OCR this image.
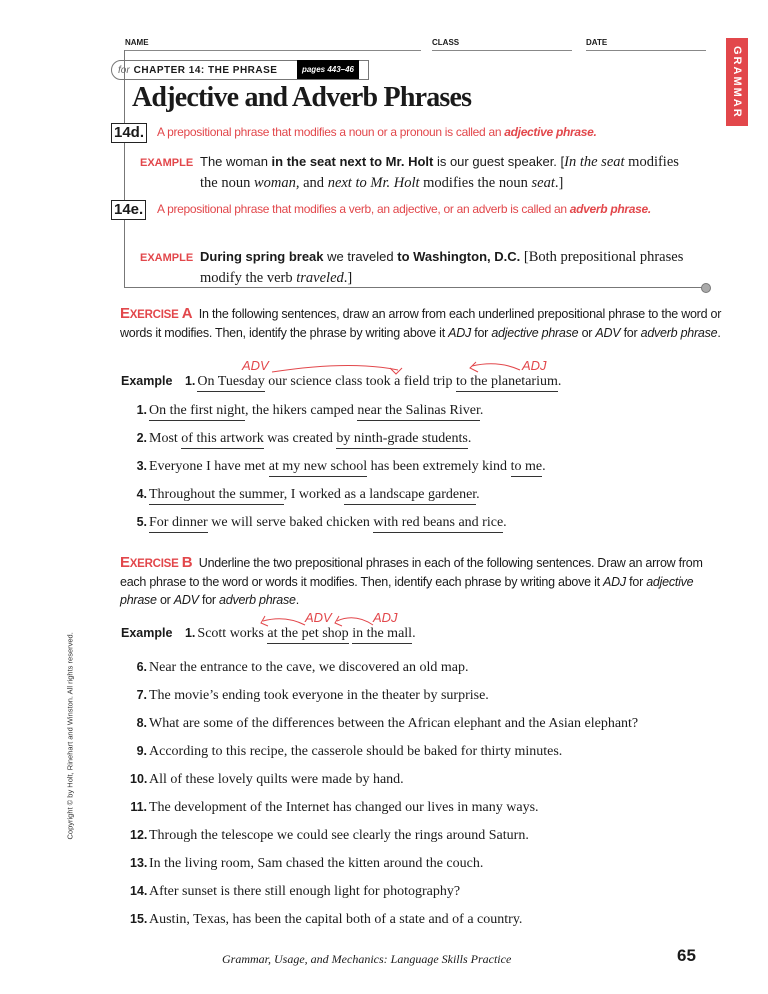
NAME	CLASS	DATE
GRAMMAR
for CHAPTER 14: THE PHRASE	pages 443–46
Adjective and Adverb Phrases
14d. A prepositional phrase that modifies a noun or a pronoun is called an adjective phrase.
EXAMPLE The woman in the seat next to Mr. Holt is our guest speaker. [In the seat modifies the noun woman, and next to Mr. Holt modifies the noun seat.]
14e. A prepositional phrase that modifies a verb, an adjective, or an adverb is called an adverb phrase.
EXAMPLE During spring break we traveled to Washington, D.C. [Both prepositional phrases modify the verb traveled.]
EXERCISE A In the following sentences, draw an arrow from each underlined prepositional phrase to the word or words it modifies. Then, identify the phrase by writing above it ADJ for adjective phrase or ADV for adverb phrase.
Example 1. On Tuesday our science class took a field trip to the planetarium.
1. On the first night, the hikers camped near the Salinas River.
2. Most of this artwork was created by ninth-grade students.
3. Everyone I have met at my new school has been extremely kind to me.
4. Throughout the summer, I worked as a landscape gardener.
5. For dinner we will serve baked chicken with red beans and rice.
ADV	ADJ
EXERCISE B Underline the two prepositional phrases in each of the following sentences. Draw an arrow from each phrase to the word or words it modifies. Then, identify each phrase by writing above it ADJ for adjective phrase or ADV for adverb phrase.
Example 1. Scott works at the pet shop in the mall.
6. Near the entrance to the cave, we discovered an old map.
7. The movie’s ending took everyone in the theater by surprise.
8. What are some of the differences between the African elephant and the Asian elephant?
9. According to this recipe, the casserole should be baked for thirty minutes.
10. All of these lovely quilts were made by hand.
11. The development of the Internet has changed our lives in many ways.
12. Through the telescope we could see clearly the rings around Saturn.
13. In the living room, Sam chased the kitten around the couch.
14. After sunset is there still enough light for photography?
15. Austin, Texas, has been the capital both of a state and of a country.
ADV	ADJ
Copyright © by Holt, Rinehart and Winston. All rights reserved.
Grammar, Usage, and Mechanics: Language Skills Practice	65
